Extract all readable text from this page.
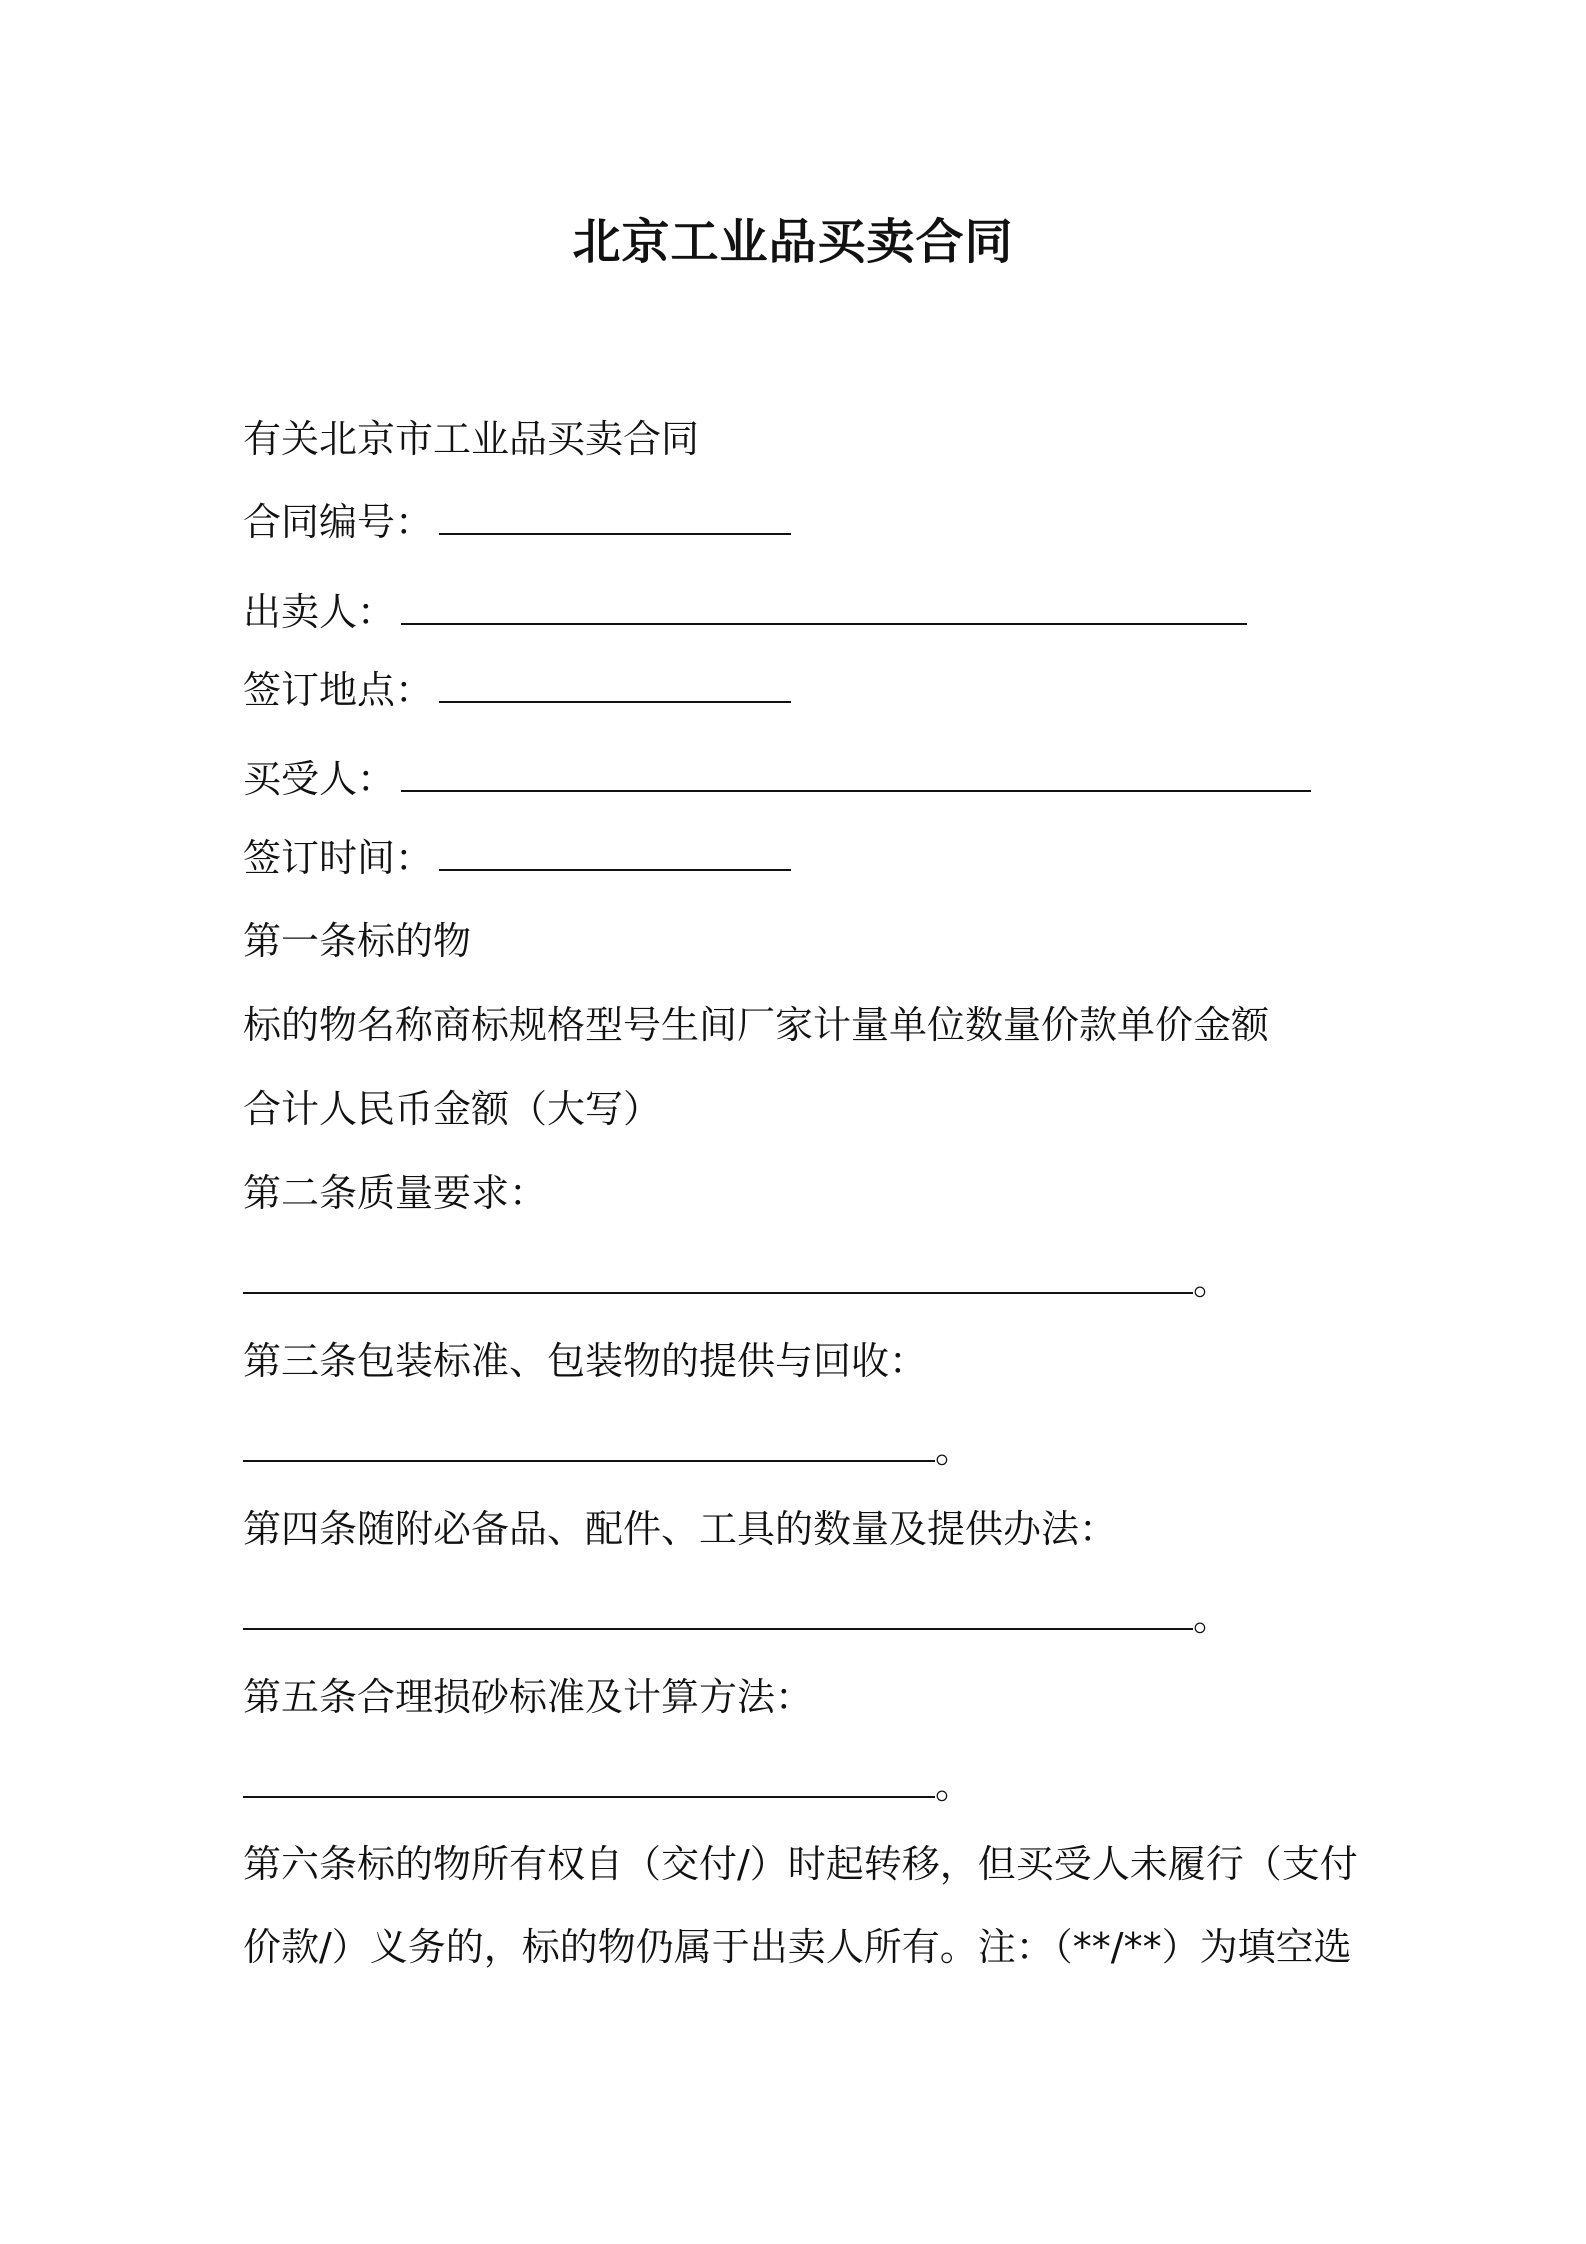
北京工业品买卖合同
有关北京市工业品买卖合同
合同编号：
出卖人：
签订地点：
买受人：
签订时间：
第一条标的物
标的物名称商标规格型号生间厂家计量单位数量价款单价金额
合计人民币金额（大写）
第二条质量要求：
。
第三条包装标准、包装物的提供与回收：
。
第四条随附必备品、配件、工具的数量及提供办法：
。
第五条合理损砂标准及计算方法：
。
第六条标的物所有权自（交付/）时起转移，但买受人未履行（支付
价款/）义务的，标的物仍属于出卖人所有。注：（**/**）为填空选
